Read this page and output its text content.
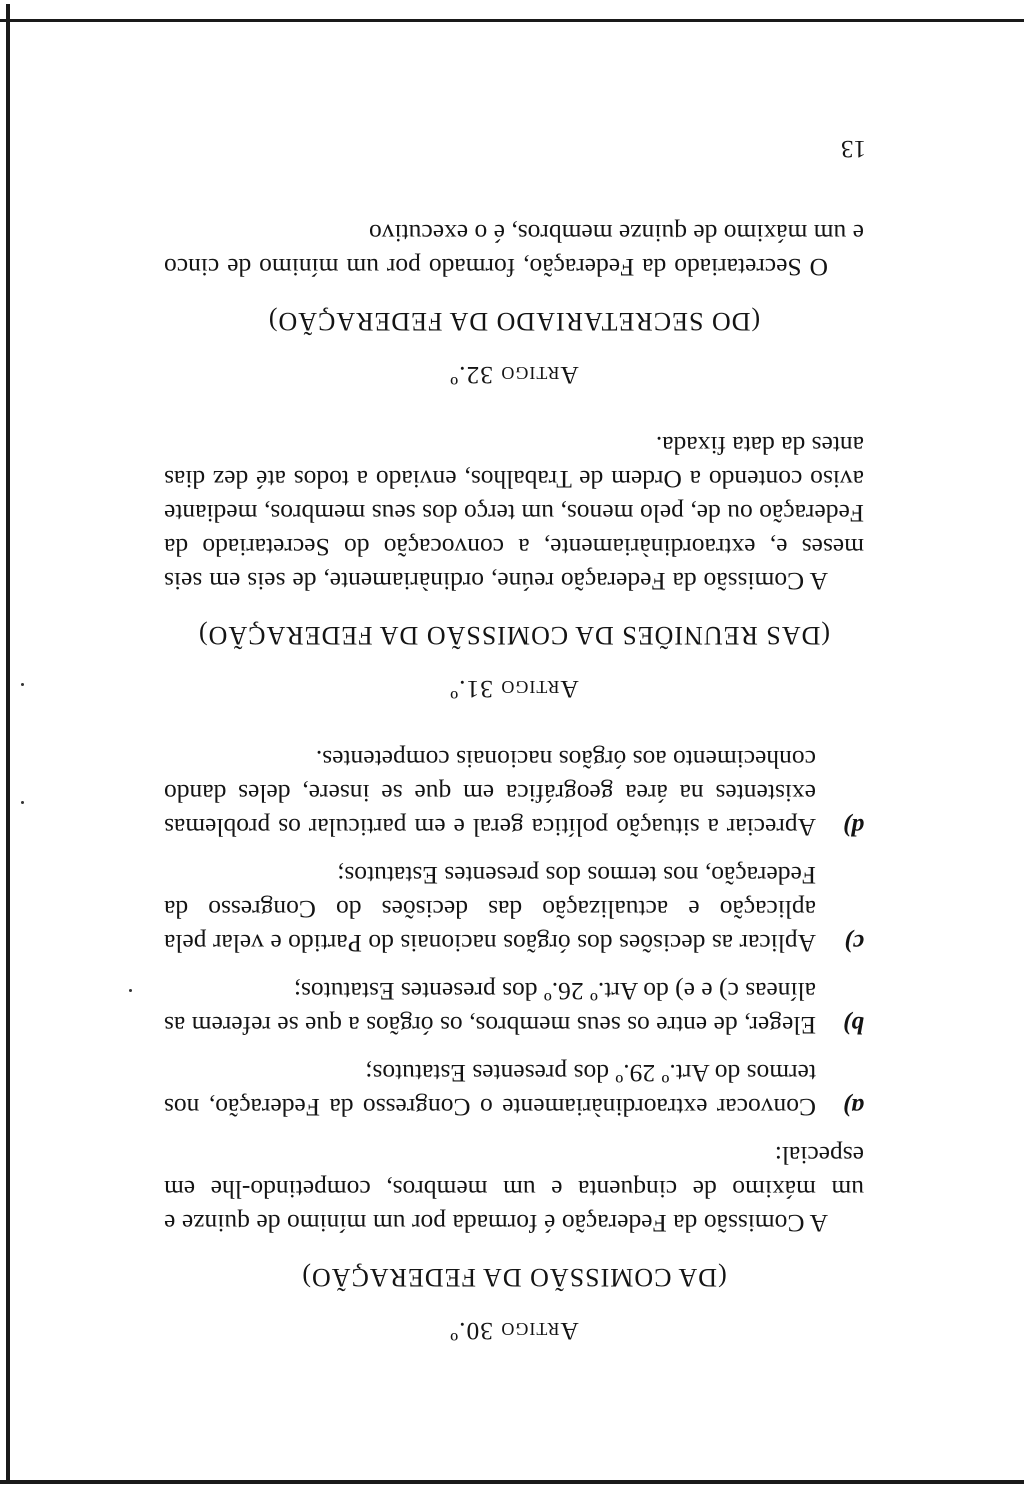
Artigo 30.º
(DA COMISSÃO DA FEDERAÇÃO)
A Comissão da Federação é formada por um mínimo de quinze e um máximo de cinquenta e um membros, competindo-lhe em especial:
a)
Convocar extraordinàriamente o Congresso da Federação, nos termos do Art.º 29.º dos presentes Estatutos;
b)
Eleger, de entre os seus membros, os órgãos a que se referem as alíneas c) e e) do Art.º 26.º dos presentes Estatutos;
c)
Aplicar as decisões dos órgãos nacionais do Partido e velar pela aplicação e actualização das decisões do Congresso da Federação, nos termos dos presentes Estatutos;
d)
Apreciar a situação política geral e em particular os problemas existentes na área geográfica em que se insere, deles dando conhecimento aos órgãos nacionais competentes.
Artigo 31.º
(DAS REUNIÕES DA COMISSÃO DA FEDERAÇÃO)
A Comissão da Federação reúne, ordinàriamente, de seis em seis meses e, extraordinàriamente, a convocação do Secretariado da Federação ou de, pelo menos, um terço dos seus membros, mediante aviso contendo a Ordem de Trabalhos, enviado a todos até dez dias antes da data fixada.
Artigo 32.º
(DO SECRETARIADO DA FEDERAÇÃO)
O Secretariado da Federação, formado por um mínimo de cinco e um máximo de quinze membros, é o executivo
13
